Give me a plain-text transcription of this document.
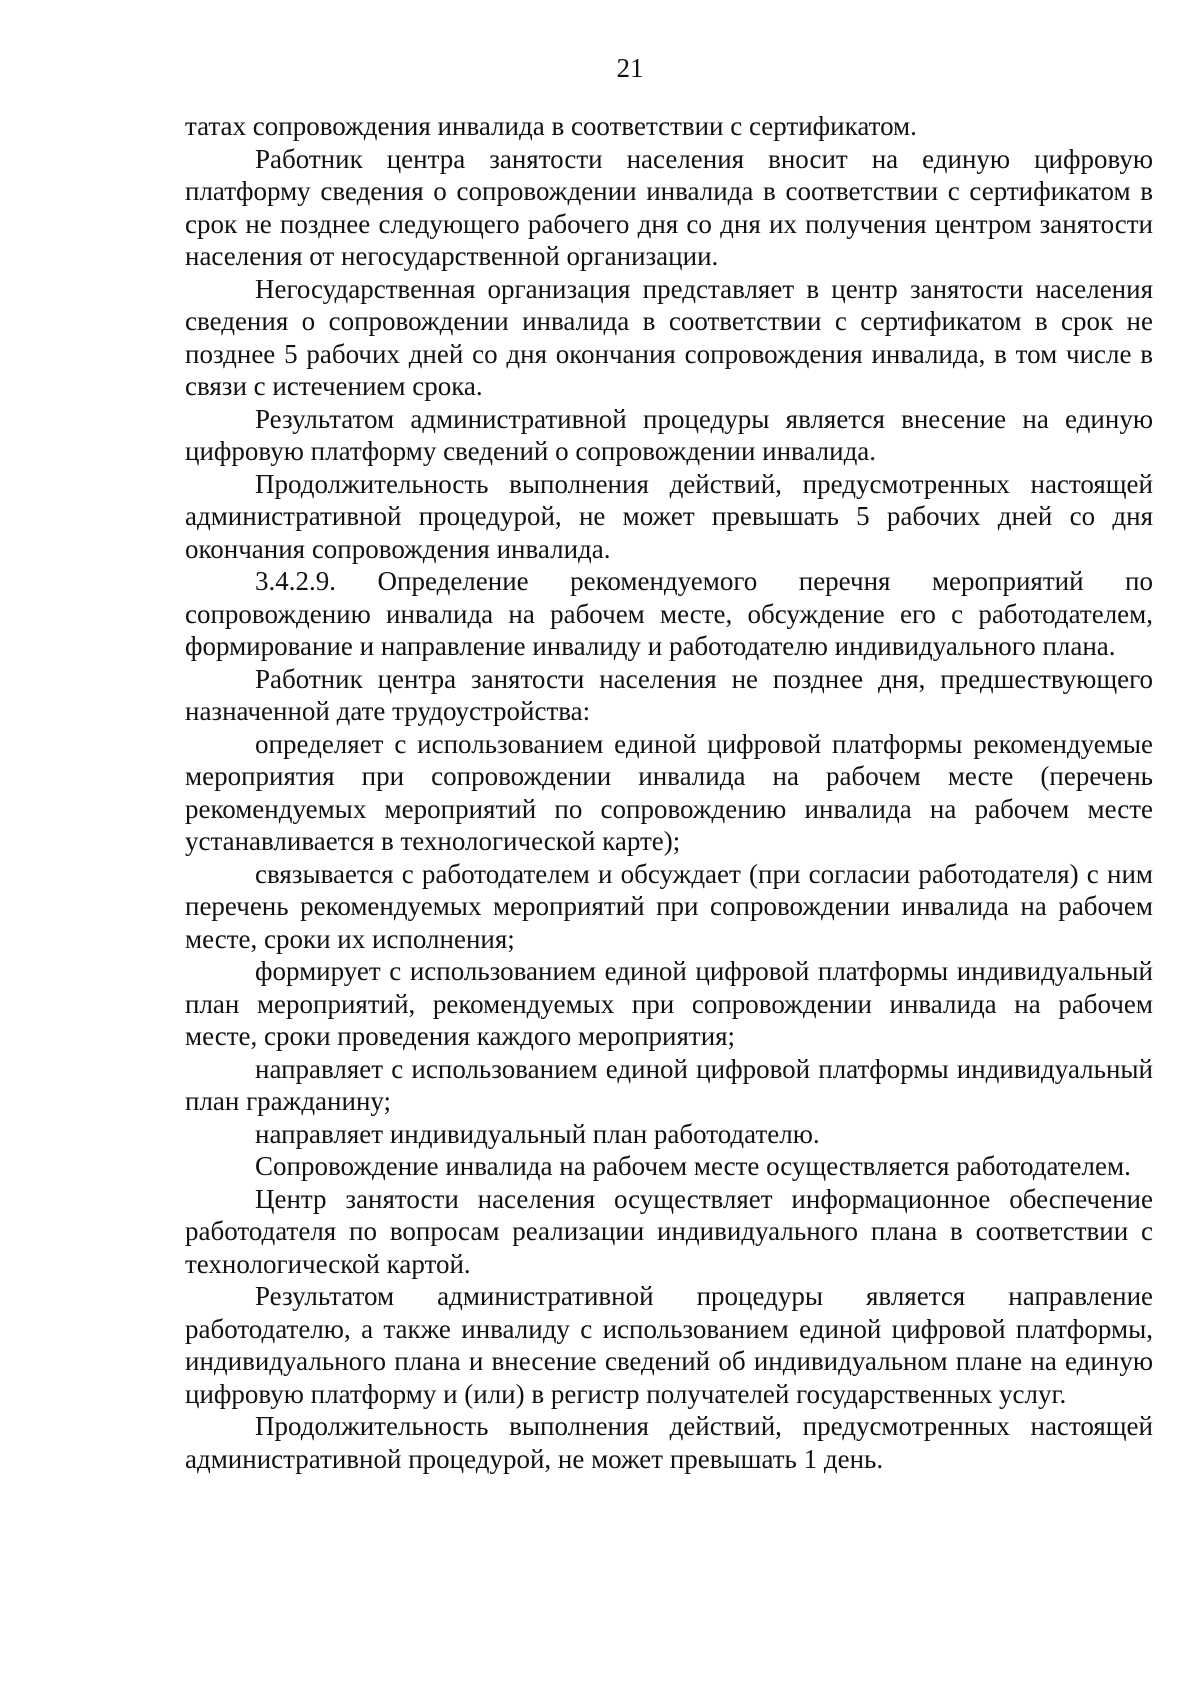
21

татах сопровождения инвалида в соответствии с сертификатом.

Работник центра занятости населения вносит на единую цифровую платформу сведения о сопровождении инвалида в соответствии с сертификатом в срок не позднее следующего рабочего дня со дня их получения центром занятости населения от негосударственной организации.

Негосударственная организация представляет в центр занятости населения сведения о сопровождении инвалида в соответствии с сертификатом в срок не позднее 5 рабочих дней со дня окончания сопровождения инвалида, в том числе в связи с истечением срока.

Результатом административной процедуры является внесение на единую цифровую платформу сведений о сопровождении инвалида.

Продолжительность выполнения действий, предусмотренных настоящей административной процедурой, не может превышать 5 рабочих дней со дня окончания сопровождения инвалида.

3.4.2.9. Определение рекомендуемого перечня мероприятий по сопровождению инвалида на рабочем месте, обсуждение его с работодателем, формирование и направление инвалиду и работодателю индивидуального плана.

Работник центра занятости населения не позднее дня, предшествующего назначенной дате трудоустройства:

определяет с использованием единой цифровой платформы рекомендуемые мероприятия при сопровождении инвалида на рабочем месте (перечень рекомендуемых мероприятий по сопровождению инвалида на рабочем месте устанавливается в технологической карте);

связывается с работодателем и обсуждает (при согласии работодателя) с ним перечень рекомендуемых мероприятий при сопровождении инвалида на рабочем месте, сроки их исполнения;

формирует с использованием единой цифровой платформы индивидуальный план мероприятий, рекомендуемых при сопровождении инвалида на рабочем месте, сроки проведения каждого мероприятия;

направляет с использованием единой цифровой платформы индивидуальный план гражданину;

направляет индивидуальный план работодателю.

Сопровождение инвалида на рабочем месте осуществляется работодателем.

Центр занятости населения осуществляет информационное обеспечение работодателя по вопросам реализации индивидуального плана в соответствии с технологической картой.

Результатом административной процедуры является направление работодателю, а также инвалиду с использованием единой цифровой платформы, индивидуального плана и внесение сведений об индивидуальном плане на единую цифровую платформу и (или) в регистр получателей государственных услуг.

Продолжительность выполнения действий, предусмотренных настоящей административной процедурой, не может превышать 1 день.
